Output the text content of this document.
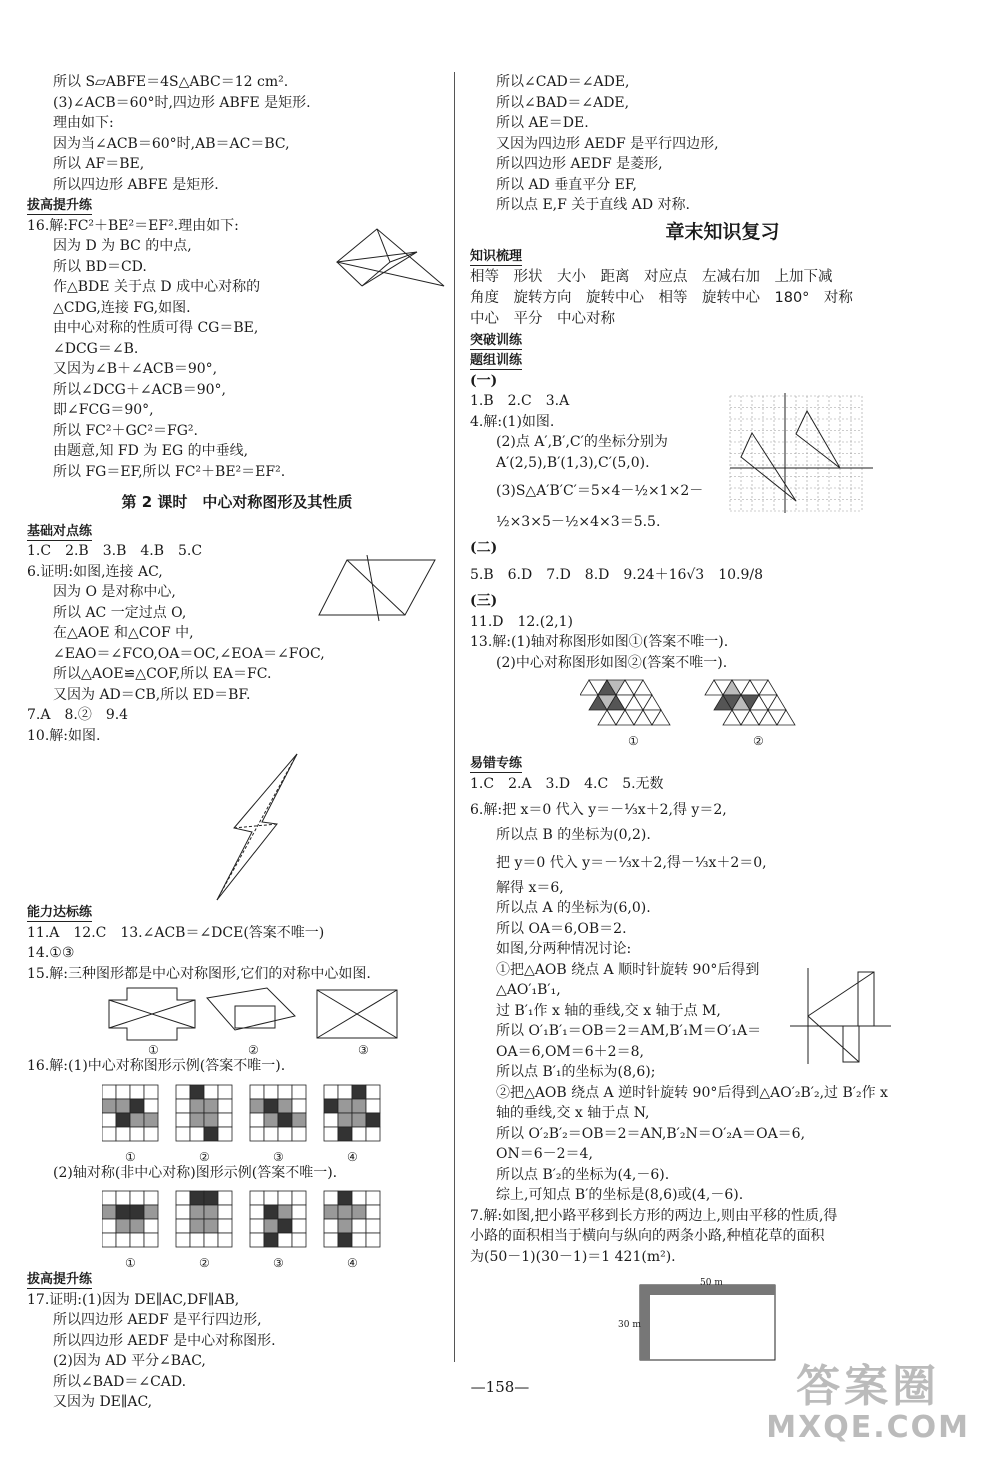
所以 S▱ABFE＝4S△ABC＝12 cm².
(3)∠ACB＝60°时,四边形 ABFE 是矩形.
理由如下:
因为当∠ACB＝60°时,AB＝AC＝BC,
所以 AF＝BE,
所以四边形 ABFE 是矩形.
拔高提升练
16.解:FC²＋BE²＝EF².理由如下:
因为 D 为 BC 的中点,
所以 BD＝CD.
作△BDE 关于点 D 成中心对称的
△CDG,连接 FG,如图.
由中心对称的性质可得 CG＝BE,
∠DCG＝∠B.
又因为∠B＋∠ACB＝90°,
所以∠DCG＋∠ACB＝90°,
即∠FCG＝90°,
所以 FC²＋GC²＝FG².
由题意,知 FD 为 EG 的中垂线,
所以 FG＝EF,所以 FC²＋BE²＝EF².
第 2 课时　中心对称图形及其性质
基础对点练
1.C　2.B　3.B　4.B　5.C
6.证明:如图,连接 AC,
因为 O 是对称中心,
所以 AC 一定过点 O,
在△AOE 和△COF 中,
∠EAO＝∠FCO,OA＝OC,∠EOA＝∠FOC,
所以△AOE≌△COF,所以 EA＝FC.
又因为 AD＝CB,所以 ED＝BF.
7.A　8.②　9.4
10.解:如图.
能力达标练
11.A　12.C　13.∠ACB＝∠DCE(答案不唯一)
14.①③
15.解:三种图形都是中心对称图形,它们的对称中心如图.
①	②	③
16.解:(1)中心对称图形示例(答案不唯一).
①	②	③	④
(2)轴对称(非中心对称)图形示例(答案不唯一).
①	②	③	④
拔高提升练
17.证明:(1)因为 DE∥AC,DF∥AB,
所以四边形 AEDF 是平行四边形,
所以四边形 AEDF 是中心对称图形.
(2)因为 AD 平分∠BAC,
所以∠BAD＝∠CAD.
又因为 DE∥AC,
所以∠CAD＝∠ADE,
所以∠BAD＝∠ADE,
所以 AE＝DE.
又因为四边形 AEDF 是平行四边形,
所以四边形 AEDF 是菱形,
所以 AD 垂直平分 EF,
所以点 E,F 关于直线 AD 对称.
章末知识复习
知识梳理
相等　形状　大小　距离　对应点　左减右加　上加下减
角度　旋转方向　旋转中心　相等　旋转中心　180°　对称
中心　平分　中心对称
突破训练
题组训练
(一)
1.B　2.C　3.A
4.解:(1)如图.
(2)点 A′,B′,C′的坐标分别为
A′(2,5),B′(1,3),C′(5,0).
(3)S△A′B′C′＝5×4－½×1×2－
½×3×5－½×4×3＝5.5.
(二)
5.B　6.D　7.D　8.D　9.24＋16√3　10.9/8
(三)
11.D　12.(2,1)
13.解:(1)轴对称图形如图①(答案不唯一).
(2)中心对称图形如图②(答案不唯一).
①	②
易错专练
1.C　2.A　3.D　4.C　5.无数
6.解:把 x＝0 代入 y＝－⅓x＋2,得 y＝2,
所以点 B 的坐标为(0,2).
把 y＝0 代入 y＝－⅓x＋2,得－⅓x＋2＝0,
解得 x＝6,
所以点 A 的坐标为(6,0).
所以 OA＝6,OB＝2.
如图,分两种情况讨论:
①把△AOB 绕点 A 顺时针旋转 90°后得到
△AO′₁B′₁,
过 B′₁作 x 轴的垂线,交 x 轴于点 M,
所以 O′₁B′₁＝OB＝2＝AM,B′₁M＝O′₁A＝
OA＝6,OM＝6＋2＝8,
所以点 B′₁的坐标为(8,6);
②把△AOB 绕点 A 逆时针旋转 90°后得到△AO′₂B′₂,过 B′₂作 x
轴的垂线,交 x 轴于点 N,
所以 O′₂B′₂＝OB＝2＝AN,B′₂N＝O′₂A＝OA＝6,
ON＝6－2＝4,
所以点 B′₂的坐标为(4,－6).
综上,可知点 B′的坐标是(8,6)或(4,－6).
7.解:如图,把小路平移到长方形的两边上,则由平移的性质,得
小路的面积相当于横向与纵向的两条小路,种植花草的面积
为(50－1)(30－1)＝1 421(m²).
50 m
30 m
—158—	答案圈
MXQE.COM
